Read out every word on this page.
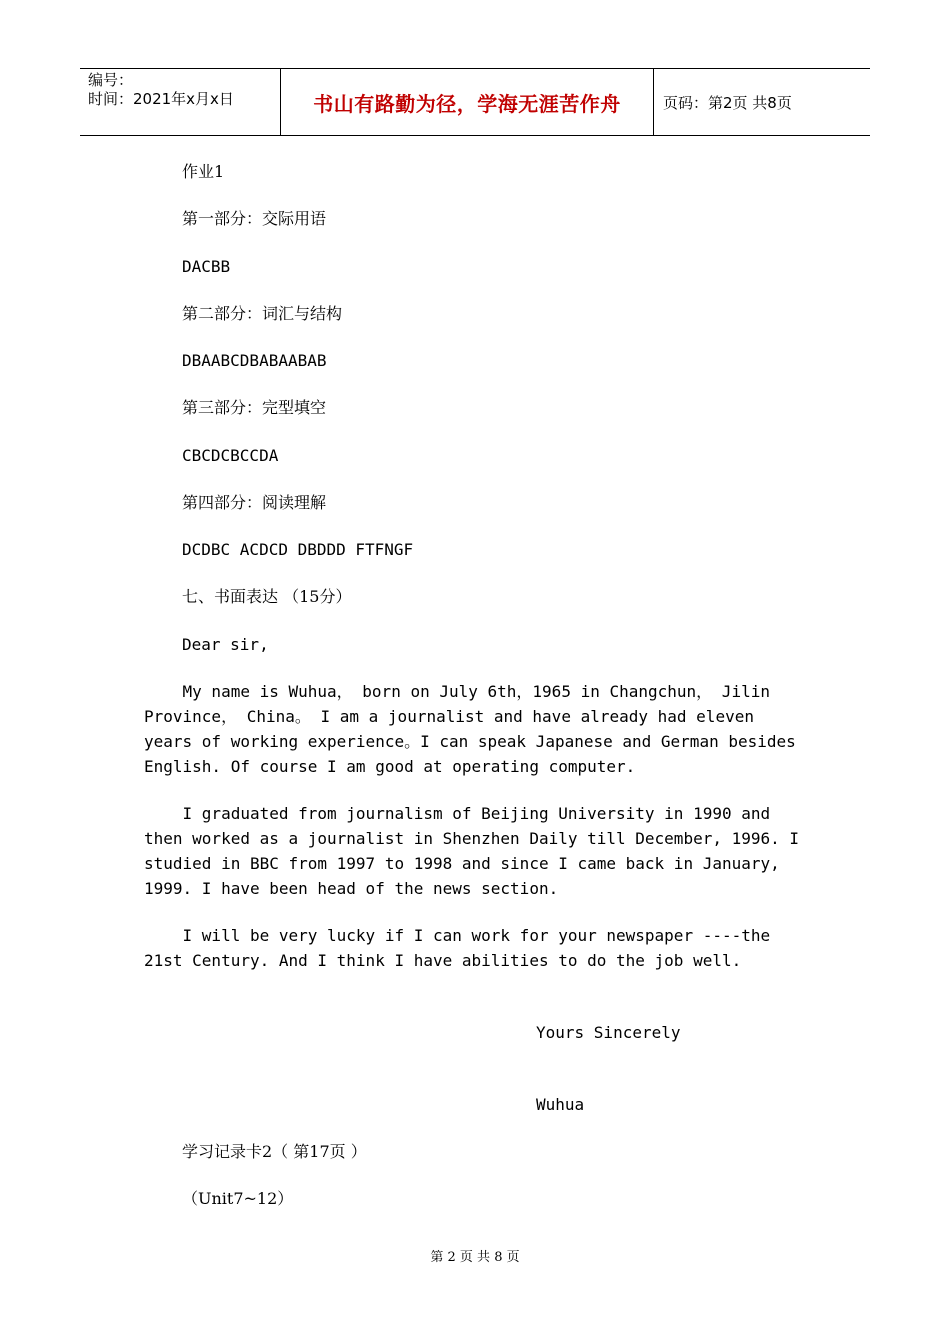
编号：
时间：2021年x月x日	书山有路勤为径，学海无涯苦作舟	页码：第2页 共8页
作业1
第一部分：交际用语
DACBB
第二部分：词汇与结构
DBAABCDBABAABAB
第三部分：完型填空
CBCDCBCCDA
第四部分：阅读理解
DCDBC ACDCD DBDDD FTFNGF
七、书面表达 （15分）
Dear sir,
My name is Wuhua， born on July 6th，1965 in Changchun， Jilin
Province， China。 I am a journalist and have already had eleven
years of working experience。I can speak Japanese and German besides
English. Of course I am good at operating computer.
I graduated from journalism of Beijing University in 1990 and
then worked as a journalist in Shenzhen Daily till December, 1996. I
studied in BBC from 1997 to 1998 and since I came back in January,
1999. I have been head of the news section.
I will be very lucky if I can work for your newspaper ----the
21st Century. And I think I have abilities to do the job well.
Yours Sincerely
Wuhua
学习记录卡2（ 第17页 ）
（Unit7~12）
第 2 页 共 8 页
